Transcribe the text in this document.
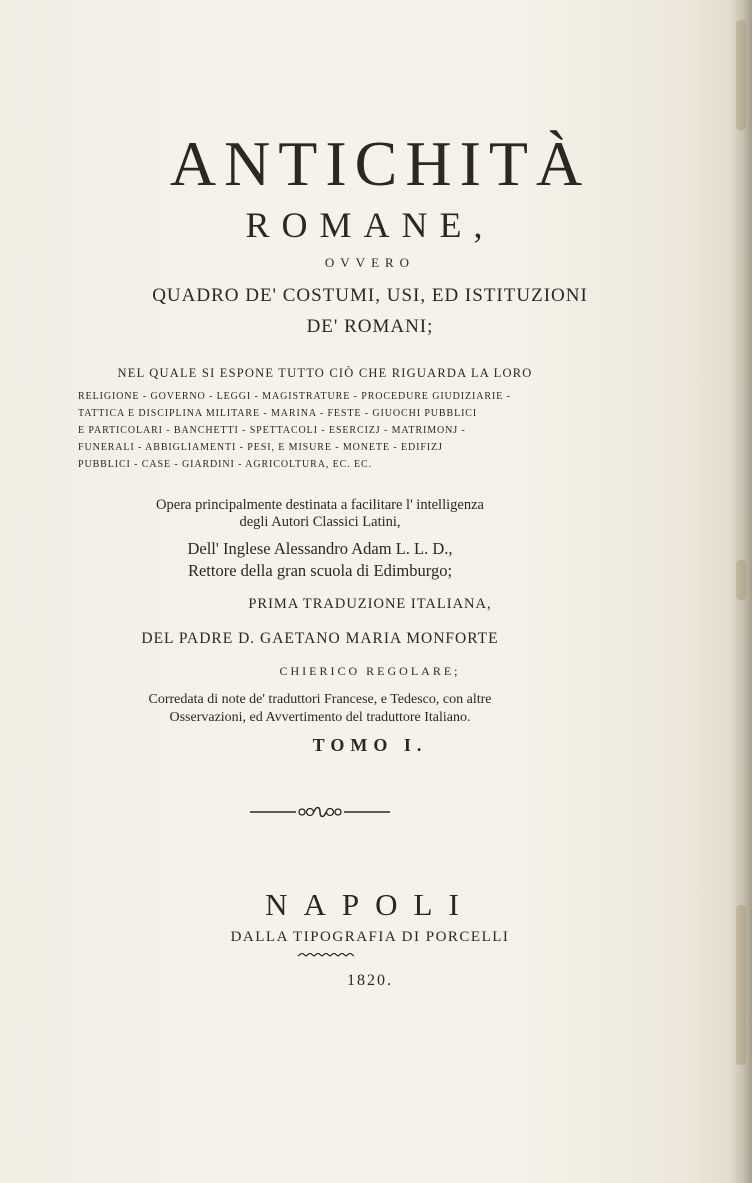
ANTICHITÀ
ROMANE,
OVVERO
QUADRO DE' COSTUMI, USI, ED ISTITUZIONI
DE' ROMANI;
NEL QUALE SI ESPONE TUTTO CIÒ CHE RIGUARDA LA LORO
RELIGIONE - GOVERNO - LEGGI - MAGISTRATURE - PROCEDURE GIUDIZIARIE -
TATTICA E DISCIPLINA MILITARE - MARINA - FESTE - GIUOCHI PUBBLICI
E PARTICOLARI - BANCHETTI - SPETTACOLI - ESERCIZJ - MATRIMONJ -
FUNERALI - ABBIGLIAMENTI - PESI, E MISURE - MONETE - EDIFIZJ
PUBBLICI - CASE - GIARDINI - AGRICOLTURA, EC. EC.
Opera principalmente destinata a facilitare l' intelligenza
degli Autori Classici Latini,
Dell' Inglese Alessandro Adam L. L. D.,
Rettore della gran scuola di Edimburgo;
PRIMA TRADUZIONE ITALIANA,
DEL PADRE D. GAETANO MARIA MONFORTE
CHIERICO REGOLARE;
Corredata di note de' traduttori Francese, e Tedesco, con altre
Osservazioni, ed Avvertimento del traduttore Italiano.
TOMO I.
NAPOLI
DALLA TIPOGRAFIA DI PORCELLI
1820.
